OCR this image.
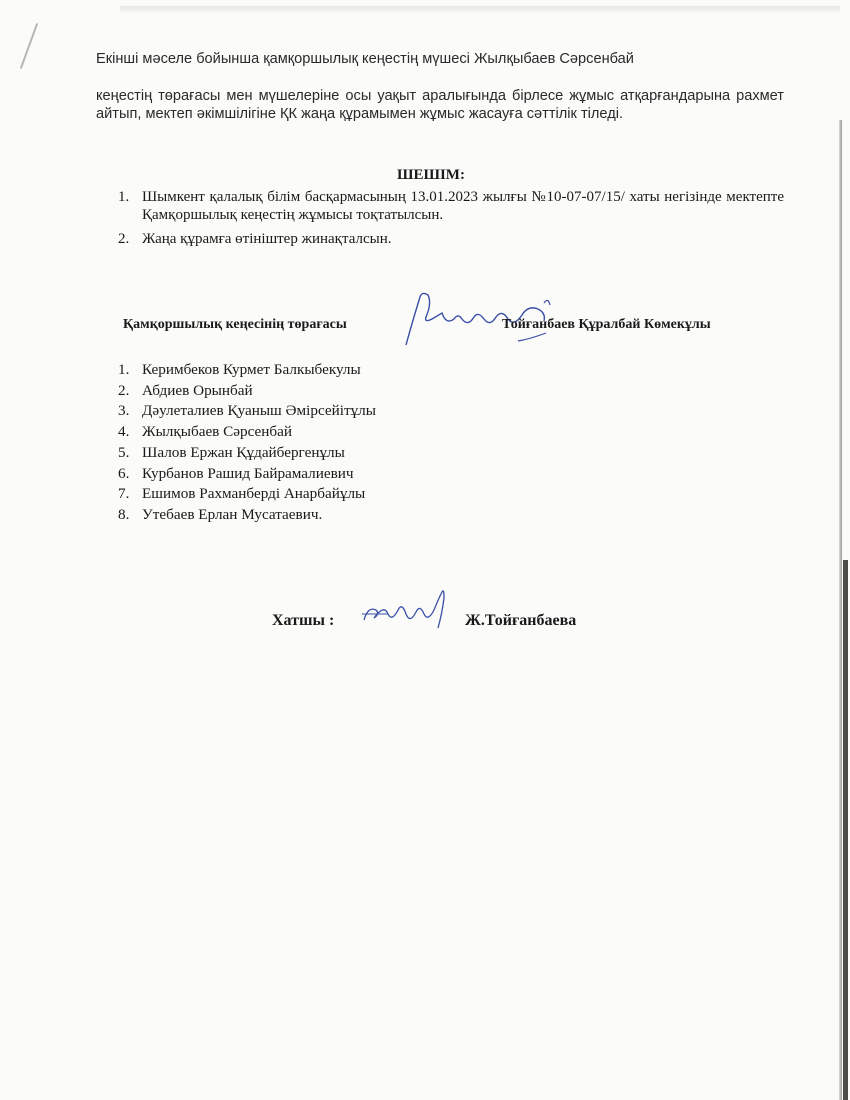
Екінші мәселе бойынша қамқоршылық кеңестің мүшесі Жылқыбаев Сәрсенбай
кеңестің төрағасы мен мүшелеріне осы уақыт аралығында бірлесе жұмыс атқарғандарына рахмет айтып, мектеп әкімшілігіне ҚК жаңа құрамымен жұмыс жасауға сәттілік тіледі.
ШЕШІМ:
1. Шымкент қалалық білім басқармасының 13.01.2023 жылғы №10-07-07/15/ хаты негізінде мектепте Қамқоршылық кеңестің жұмысы тоқтатылсын.
2. Жаңа құрамға өтініштер жинақталсын.
Қамқоршылық кеңесінің төрағасы	Тойғанбаев Құралбай Көмекұлы
1. Керимбеков Курмет Балкыбекулы
2. Абдиев Орынбай
3. Дәулеталиев Қуаныш Әмірсейітұлы
4. Жылқыбаев Сәрсенбай
5. Шалов Ержан Құдайбергенұлы
6. Курбанов Рашид Байрамалиевич
7. Ешимов Рахманберді Анарбайұлы
8. Утебаев Ерлан Мусатаевич.
Хатшы :	Ж.Тойғанбаева
